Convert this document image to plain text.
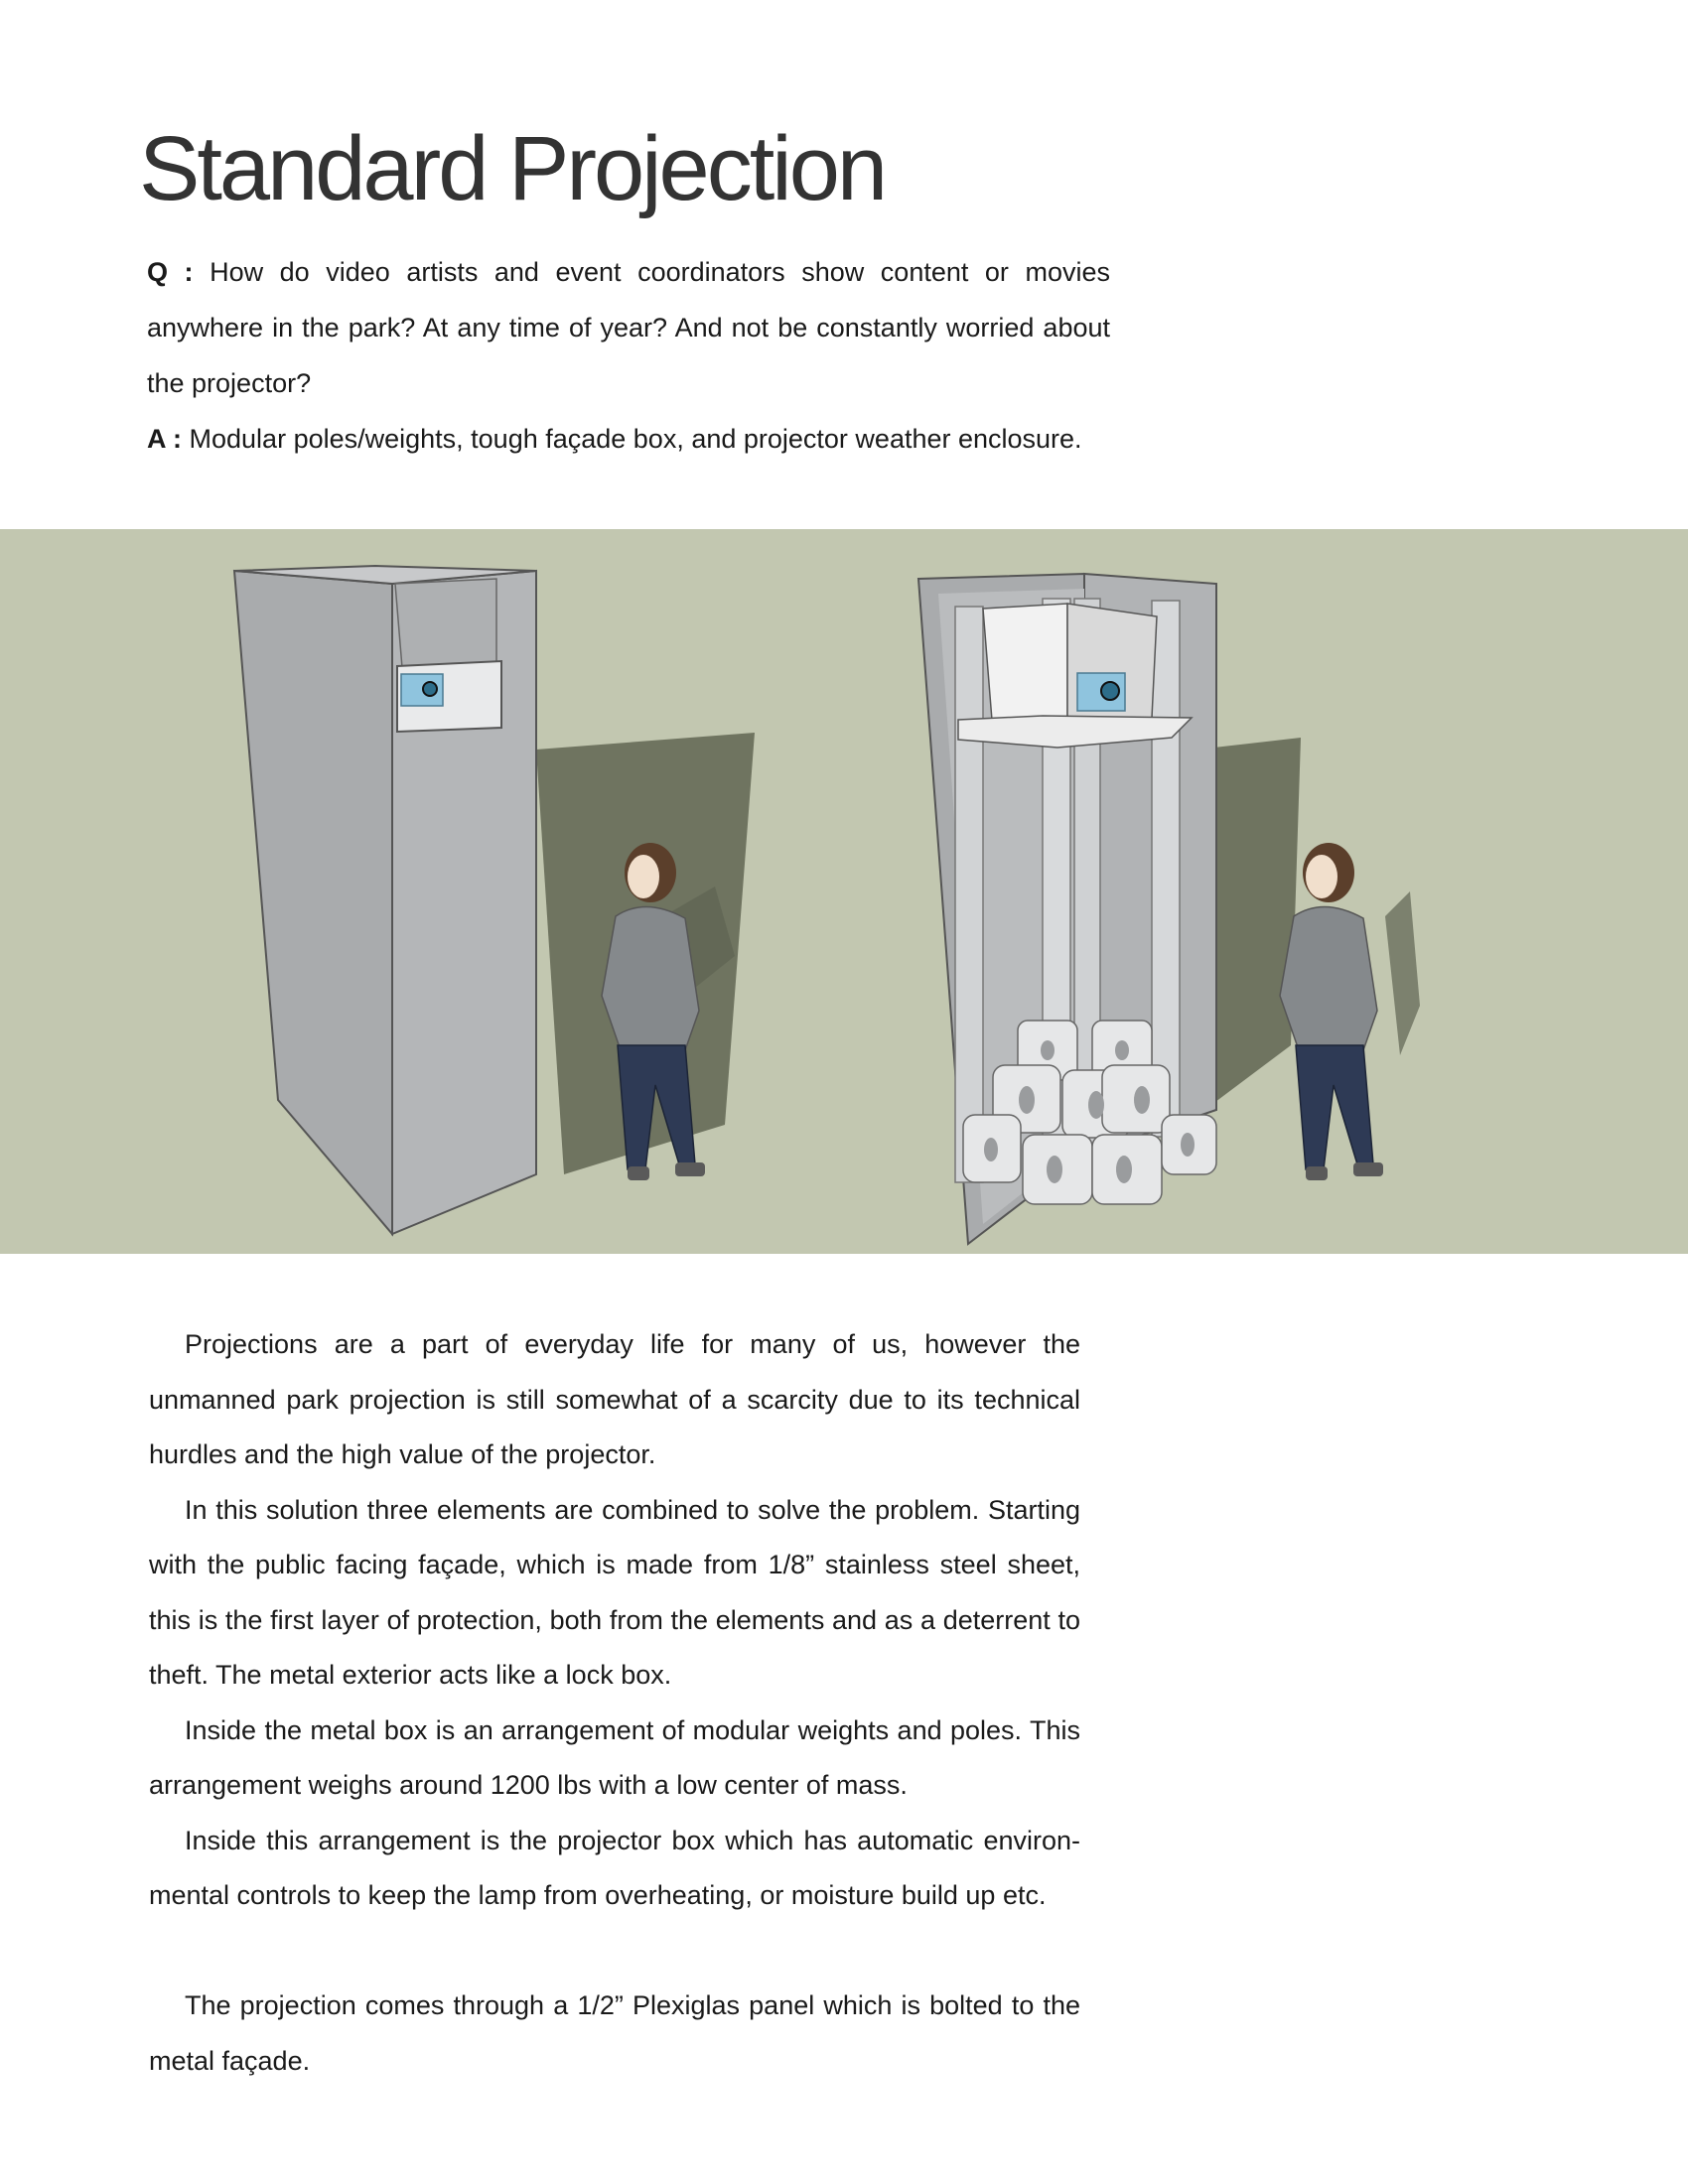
Standard Projection

Q : How do video artists and event coordinators show content or movies anywhere in the park? At any time of year? And not be constantly worried about the projector?

A : Modular poles/weights, tough façade box, and projector weather enclosure.

Projections are a part of everyday life for many of us, however the unmanned park projection is still somewhat of a scarcity due to its technical hurdles and the high value of the projector.

In this solution three elements are combined to solve the problem. Starting with the public facing façade, which is made from 1/8” stainless steel sheet, this is the first layer of protection, both from the elements and as a deterrent to theft. The metal exterior acts like a lock box.

Inside the metal box is an arrangement of modular weights and poles. This arrangement weighs around 1200 lbs with a low center of mass.

Inside this arrangement is the projector box which has automatic environ-mental controls to keep the lamp from overheating, or moisture build up etc.

The projection comes through a 1/2” Plexiglas panel which is bolted to the metal façade.
